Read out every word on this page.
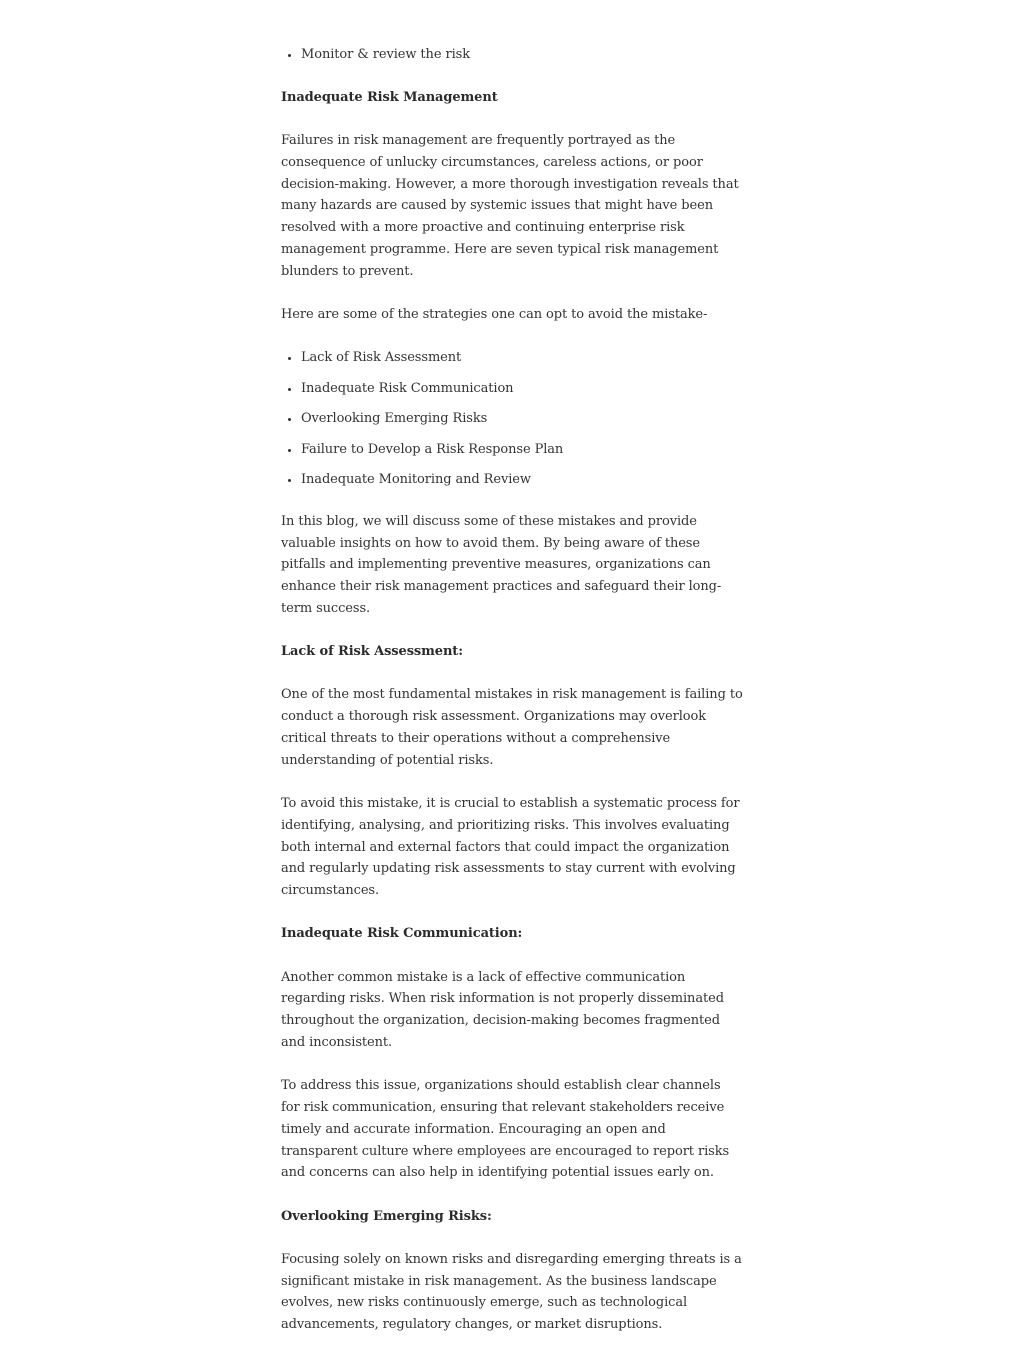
• Monitor & review the risk

Inadequate Risk Management

Failures in risk management are frequently portrayed as the consequence of unlucky circumstances, careless actions, or poor decision-making. However, a more thorough investigation reveals that many hazards are caused by systemic issues that might have been resolved with a more proactive and continuing enterprise risk management programme. Here are seven typical risk management blunders to prevent.

Here are some of the strategies one can opt to avoid the mistake-

• Lack of Risk Assessment
• Inadequate Risk Communication
• Overlooking Emerging Risks
• Failure to Develop a Risk Response Plan
• Inadequate Monitoring and Review

In this blog, we will discuss some of these mistakes and provide valuable insights on how to avoid them. By being aware of these pitfalls and implementing preventive measures, organizations can enhance their risk management practices and safeguard their long-term success.

Lack of Risk Assessment:

One of the most fundamental mistakes in risk management is failing to conduct a thorough risk assessment. Organizations may overlook critical threats to their operations without a comprehensive understanding of potential risks.

To avoid this mistake, it is crucial to establish a systematic process for identifying, analysing, and prioritizing risks. This involves evaluating both internal and external factors that could impact the organization and regularly updating risk assessments to stay current with evolving circumstances.

Inadequate Risk Communication:

Another common mistake is a lack of effective communication regarding risks. When risk information is not properly disseminated throughout the organization, decision-making becomes fragmented and inconsistent.

To address this issue, organizations should establish clear channels for risk communication, ensuring that relevant stakeholders receive timely and accurate information. Encouraging an open and transparent culture where employees are encouraged to report risks and concerns can also help in identifying potential issues early on.

Overlooking Emerging Risks:

Focusing solely on known risks and disregarding emerging threats is a significant mistake in risk management. As the business landscape evolves, new risks continuously emerge, such as technological advancements, regulatory changes, or market disruptions.
